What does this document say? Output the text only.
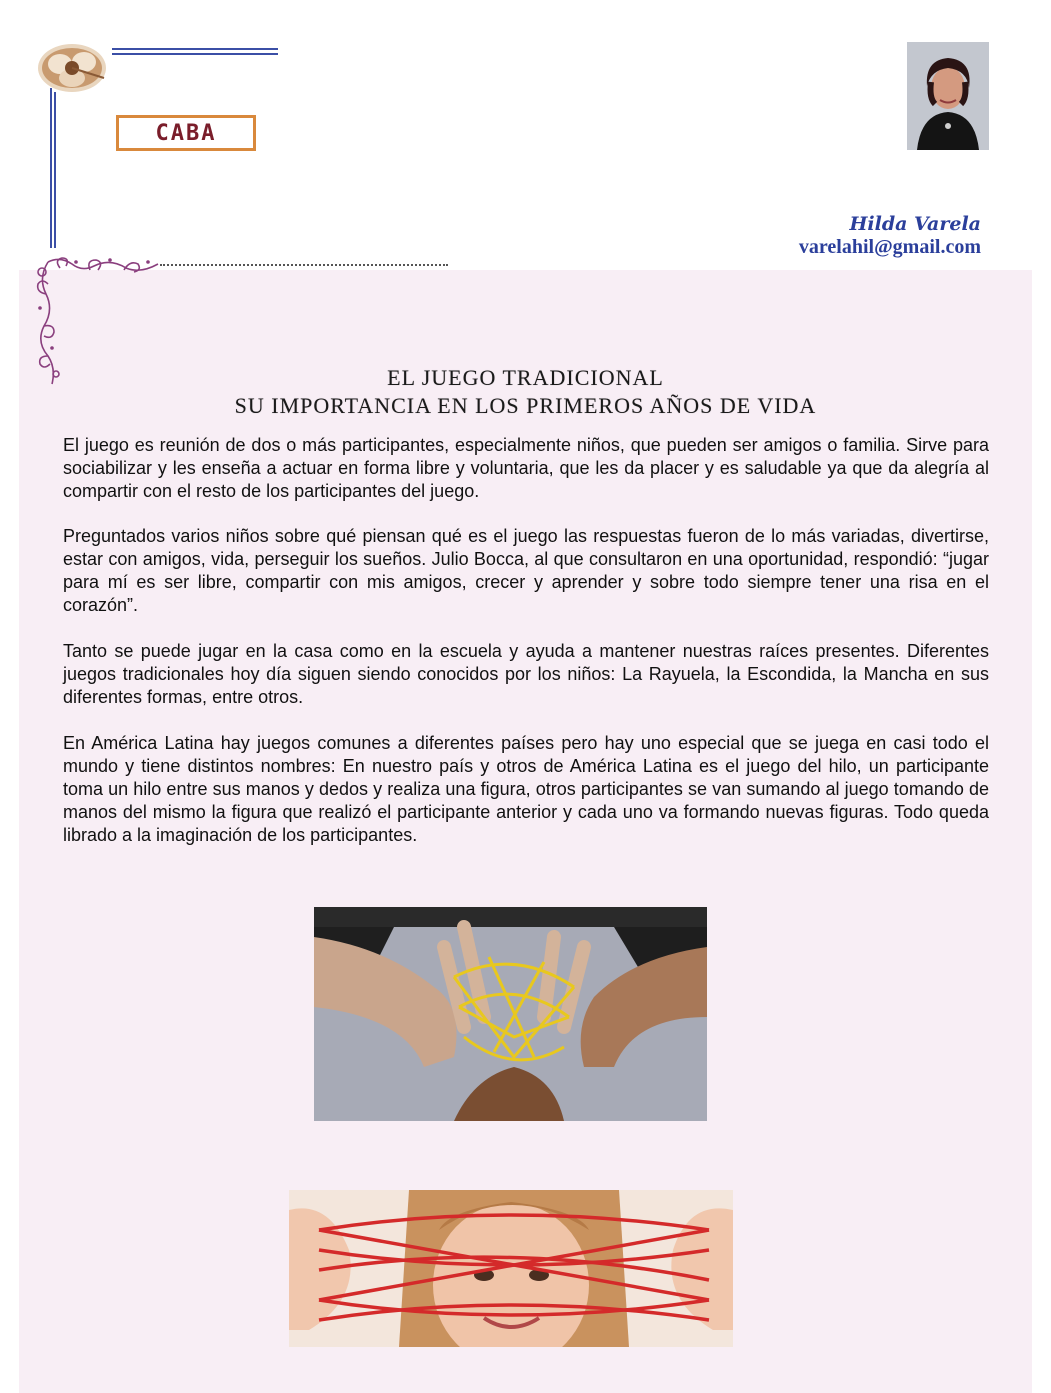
CABA
Hilda Varela
varelahil@gmail.com
EL JUEGO TRADICIONAL
SU IMPORTANCIA EN LOS PRIMEROS AÑOS DE VIDA

El juego es reunión de dos o más participantes, especialmente niños, que pueden ser amigos o familia. Sirve para sociabilizar y les enseña a actuar en forma libre y voluntaria, que les da placer y es saludable ya que da alegría al compartir con el resto de los participantes del juego.

Preguntados varios niños sobre qué piensan qué es el juego las respuestas fueron de lo más variadas, divertirse, estar con amigos, vida, perseguir los sueños. Julio Bocca, al que consultaron en una oportunidad, respondió: “jugar para mí es ser libre, compartir con mis amigos, crecer y aprender y sobre todo siempre tener una risa en el corazón”.

Tanto se puede jugar en la casa como en la escuela y ayuda a mantener nuestras raíces presentes. Diferentes juegos tradicionales hoy día siguen siendo conocidos por los niños: La Rayuela, la Escondida, la Mancha en sus diferentes formas, entre otros.

En América Latina hay juegos comunes a diferentes países pero hay uno especial que se juega en casi todo el mundo y tiene distintos nombres: En nuestro país y otros de América Latina es el juego del hilo, un participante toma un hilo entre sus manos y dedos y realiza una figura, otros participantes se van sumando al juego tomando de manos del mismo la figura que realizó el participante anterior y cada uno va formando nuevas figuras. Todo queda librado a la imaginación de los participantes.
